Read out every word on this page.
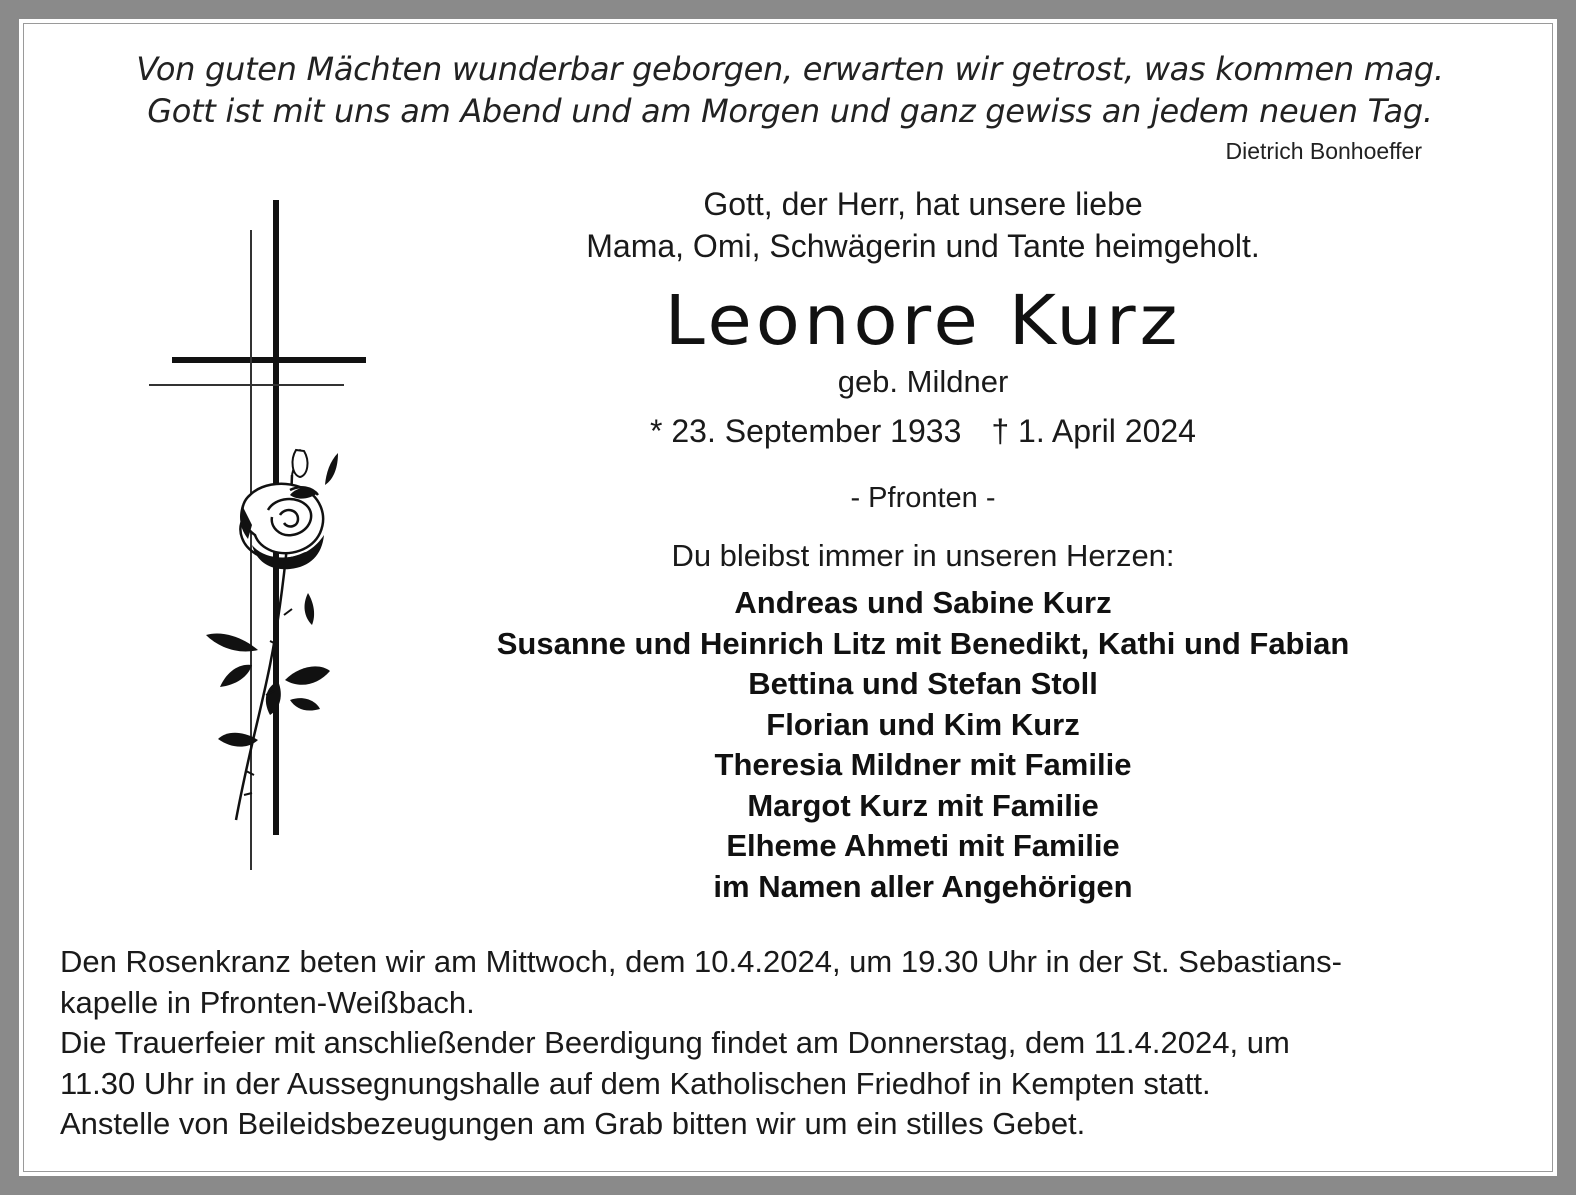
Von guten Mächten wunderbar geborgen, erwarten wir getrost, was kommen mag.
Gott ist mit uns am Abend und am Morgen und ganz gewiss an jedem neuen Tag.
Dietrich Bonhoeffer
Gott, der Herr, hat unsere liebe
Mama, Omi, Schwägerin und Tante heimgeholt.
Leonore Kurz
geb. Mildner
* 23. September 1933 † 1. April 2024
- Pfronten -
Du bleibst immer in unseren Herzen:
Andreas und Sabine Kurz
Susanne und Heinrich Litz mit Benedikt, Kathi und Fabian
Bettina und Stefan Stoll
Florian und Kim Kurz
Theresia Mildner mit Familie
Margot Kurz mit Familie
Elheme Ahmeti mit Familie
im Namen aller Angehörigen

Den Rosenkranz beten wir am Mittwoch, dem 10.4.2024, um 19.30 Uhr in der St. Sebastians-
kapelle in Pfronten-Weißbach.

Die Trauerfeier mit anschließender Beerdigung findet am Donnerstag, dem 11.4.2024, um
11.30 Uhr in der Aussegnungshalle auf dem Katholischen Friedhof in Kempten statt.

Anstelle von Beileidsbezeugungen am Grab bitten wir um ein stilles Gebet.
